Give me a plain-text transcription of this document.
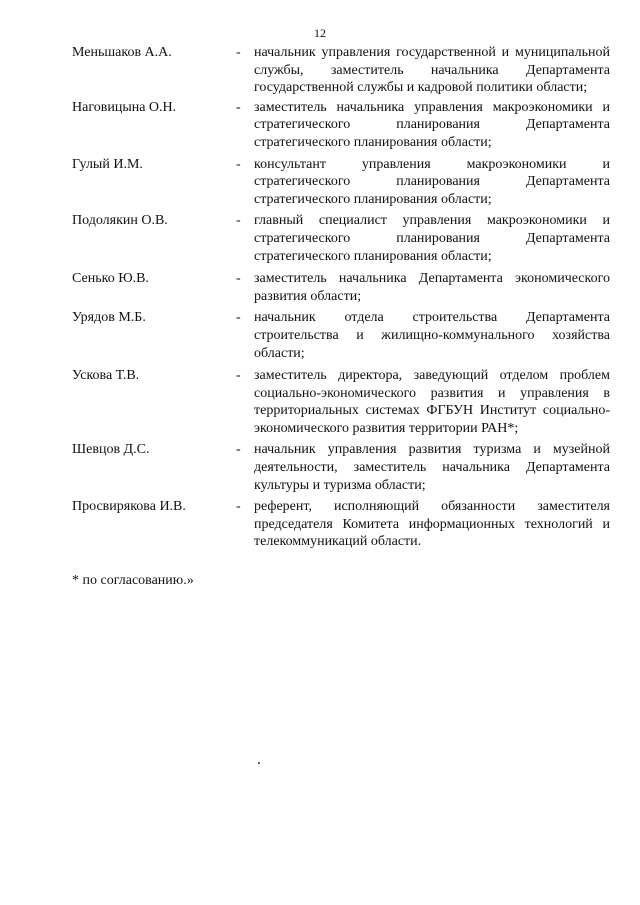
12
Меньшаков А.А.	- начальник управления государственной и муниципальной службы, заместитель начальника Департамента государственной службы и кадровой политики области;
Наговицына О.Н.	- заместитель начальника управления макроэкономики и стратегического планирования Департамента стратегического планирования области;
Гулый И.М.	- консультант управления макроэкономики и стратегического планирования Департамента стратегического планирования области;
Подолякин О.В.	- главный специалист управления макроэкономики и стратегического планирования Департамента стратегического планирования области;
Сенько Ю.В.	- заместитель начальника Департамента экономического развития области;
Урядов М.Б.	- начальник отдела строительства Департамента строительства и жилищно-коммунального хозяйства области;
Ускова Т.В.	- заместитель директора, заведующий отделом проблем социально-экономического развития и управления в территориальных системах ФГБУН Институт социально-экономического развития территории РАН*;
Шевцов Д.С.	- начальник управления развития туризма и музейной деятельности, заместитель начальника Департамента культуры и туризма области;
Просвирякова И.В.	- референт, исполняющий обязанности заместителя председателя Комитета информационных технологий и телекоммуникаций области.
* по согласованию.»
